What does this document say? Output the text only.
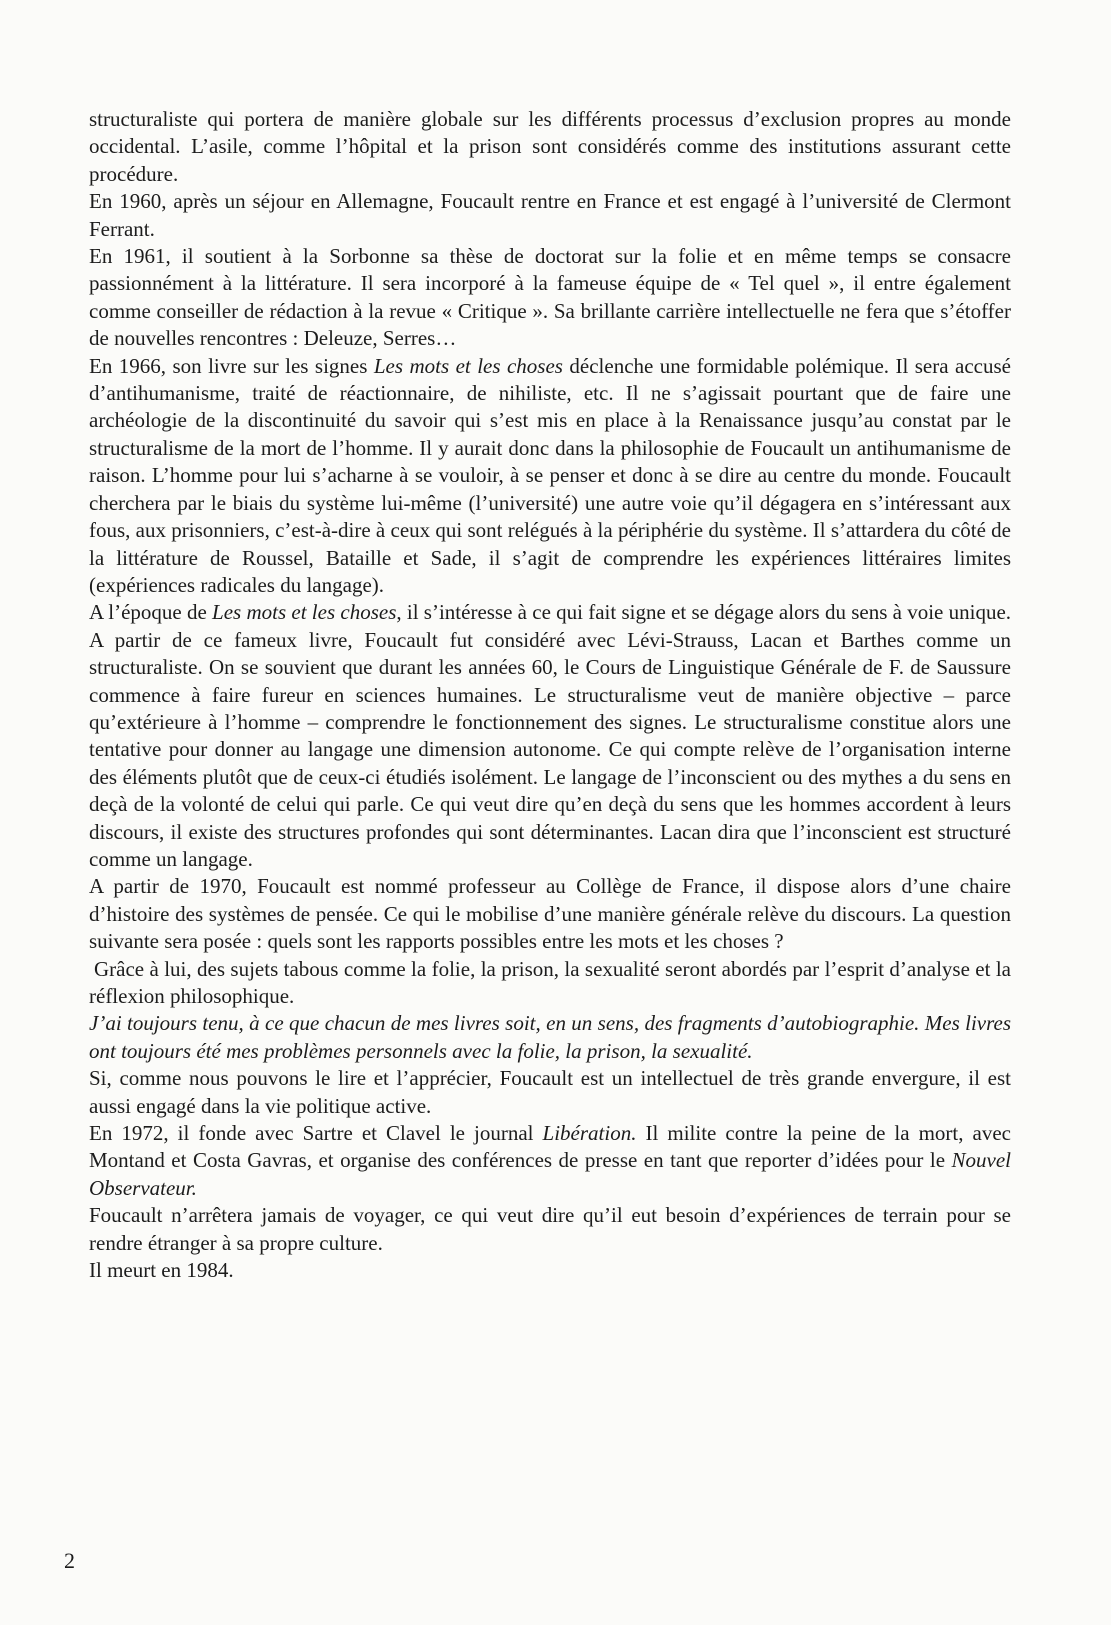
structuraliste qui portera de manière globale sur les différents processus d’exclusion propres au monde occidental. L’asile, comme l’hôpital et la prison sont considérés comme des institutions assurant cette procédure.

En 1960, après un séjour en Allemagne, Foucault rentre en France et est engagé à l’université de Clermont Ferrant.

En 1961, il soutient à la Sorbonne sa thèse de doctorat sur la folie et en même temps se consacre passionnément à la littérature. Il sera incorporé à la fameuse équipe de « Tel quel », il entre également comme conseiller de rédaction à la revue « Critique ». Sa brillante carrière intellectuelle ne fera que s’étoffer de nouvelles rencontres : Deleuze, Serres…

En 1966, son livre sur les signes Les mots et les choses déclenche une formidable polémique. Il sera accusé d’antihumanisme, traité de réactionnaire, de nihiliste, etc. Il ne s’agissait pourtant que de faire une archéologie de la discontinuité du savoir qui s’est mis en place à la Renaissance jusqu’au constat par le structuralisme de la mort de l’homme. Il y aurait donc dans la philosophie de Foucault un antihumanisme de raison. L’homme pour lui s’acharne à se vouloir, à se penser et donc à se dire au centre du monde. Foucault cherchera par le biais du système lui-même (l’université) une autre voie qu’il dégagera en s’intéressant aux fous, aux prisonniers, c’est-à-dire à ceux qui sont relégués à la périphérie du système. Il s’attardera du côté de la littérature de Roussel, Bataille et Sade, il s’agit de comprendre les expériences littéraires limites (expériences radicales du langage).

A l’époque de Les mots et les choses, il s’intéresse à ce qui fait signe et se dégage alors du sens à voie unique. A partir de ce fameux livre, Foucault fut considéré avec Lévi-Strauss, Lacan et Barthes comme un structuraliste. On se souvient que durant les années 60, le Cours de Linguistique Générale de F. de Saussure commence à faire fureur en sciences humaines. Le structuralisme veut de manière objective – parce qu’extérieure à l’homme – comprendre le fonctionnement des signes. Le structuralisme constitue alors une tentative pour donner au langage une dimension autonome. Ce qui compte relève de l’organisation interne des éléments plutôt que de ceux-ci étudiés isolément. Le langage de l’inconscient ou des mythes a du sens en deçà de la volonté de celui qui parle. Ce qui veut dire qu’en deçà du sens que les hommes accordent à leurs discours, il existe des structures profondes qui sont déterminantes. Lacan dira que l’inconscient est structuré comme un langage.

A partir de 1970, Foucault est nommé professeur au Collège de France, il dispose alors d’une chaire d’histoire des systèmes de pensée. Ce qui le mobilise d’une manière générale relève du discours. La question suivante sera posée : quels sont les rapports possibles entre les mots et les choses ?

Grâce à lui, des sujets tabous comme la folie, la prison, la sexualité seront abordés par l’esprit d’analyse et la réflexion philosophique.

J’ai toujours tenu, à ce que chacun de mes livres soit, en un sens, des fragments d’autobiographie. Mes livres ont toujours été mes problèmes personnels avec la folie, la prison, la sexualité.

Si, comme nous pouvons le lire et l’apprécier, Foucault est un intellectuel de très grande envergure, il est aussi engagé dans la vie politique active.

En 1972, il fonde avec Sartre et Clavel le journal Libération. Il milite contre la peine de la mort, avec Montand et Costa Gavras, et organise des conférences de presse en tant que reporter d’idées pour le Nouvel Observateur.

Foucault n’arrêtera jamais de voyager, ce qui veut dire qu’il eut besoin d’expériences de terrain pour se rendre étranger à sa propre culture.

Il meurt en 1984.

2
